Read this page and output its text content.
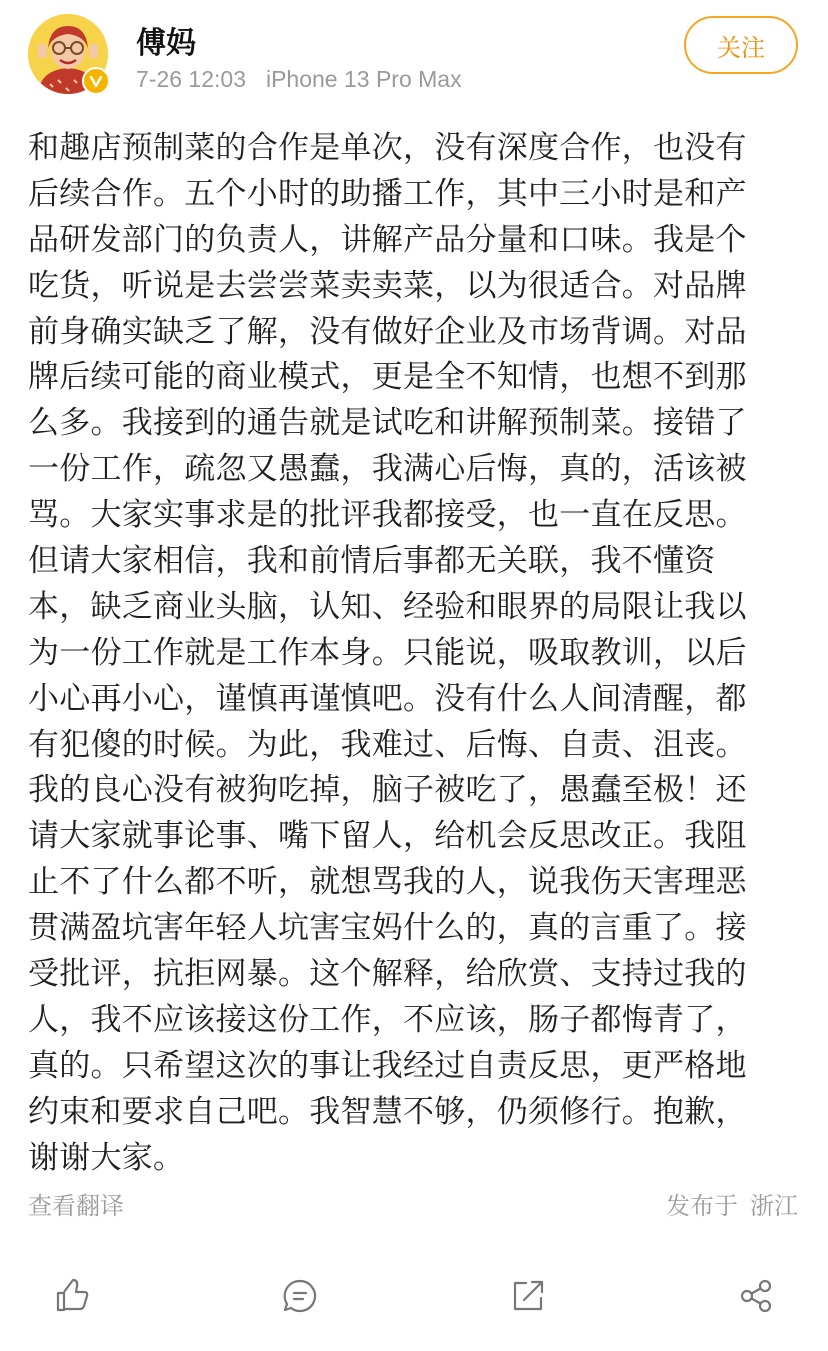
傅妈
7-26 12:03 iPhone 13 Pro Max
关注
和趣店预制菜的合作是单次，没有深度合作，也没有
后续合作。五个小时的助播工作，其中三小时是和产
品研发部门的负责人，讲解产品分量和口味。我是个
吃货，听说是去尝尝菜卖卖菜，以为很适合。对品牌
前身确实缺乏了解，没有做好企业及市场背调。对品
牌后续可能的商业模式，更是全不知情，也想不到那
么多。我接到的通告就是试吃和讲解预制菜。接错了
一份工作，疏忽又愚蠢，我满心后悔，真的，活该被
骂。大家实事求是的批评我都接受，也一直在反思。
但请大家相信，我和前情后事都无关联，我不懂资
本，缺乏商业头脑，认知、经验和眼界的局限让我以
为一份工作就是工作本身。只能说，吸取教训，以后
小心再小心，谨慎再谨慎吧。没有什么人间清醒，都
有犯傻的时候。为此，我难过、后悔、自责、沮丧。
我的良心没有被狗吃掉，脑子被吃了，愚蠢至极！还
请大家就事论事、嘴下留人，给机会反思改正。我阻
止不了什么都不听，就想骂我的人，说我伤天害理恶
贯满盈坑害年轻人坑害宝妈什么的，真的言重了。接
受批评，抗拒网暴。这个解释，给欣赏、支持过我的
人，我不应该接这份工作，不应该，肠子都悔青了，
真的。只希望这次的事让我经过自责反思，更严格地
约束和要求自己吧。我智慧不够，仍须修行。抱歉，
谢谢大家。
查看翻译	发布于 浙江
